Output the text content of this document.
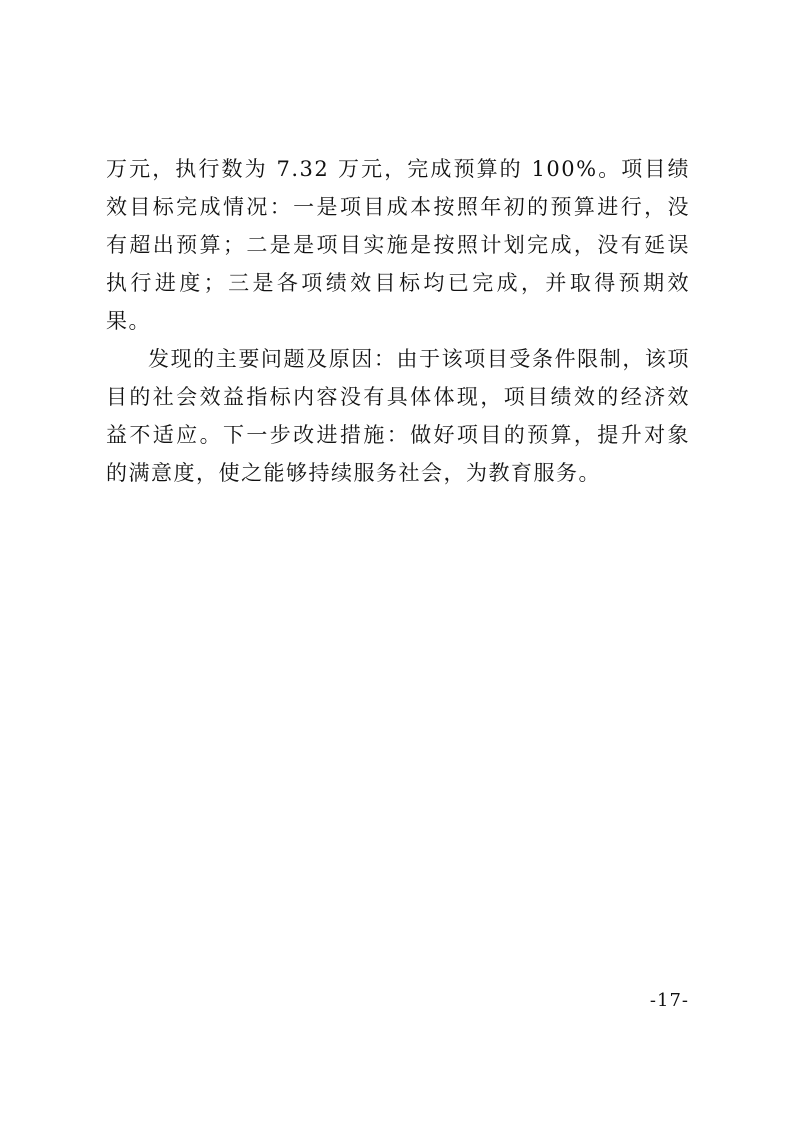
万元，执行数为 7.32 万元，完成预算的 100%。项目绩效目标完成情况：一是项目成本按照年初的预算进行，没有超出预算；二是是项目实施是按照计划完成，没有延误执行进度；三是各项绩效目标均已完成，并取得预期效果。

发现的主要问题及原因：由于该项目受条件限制，该项目的社会效益指标内容没有具体体现，项目绩效的经济效益不适应。下一步改进措施：做好项目的预算，提升对象的满意度，使之能够持续服务社会，为教育服务。

-17-
